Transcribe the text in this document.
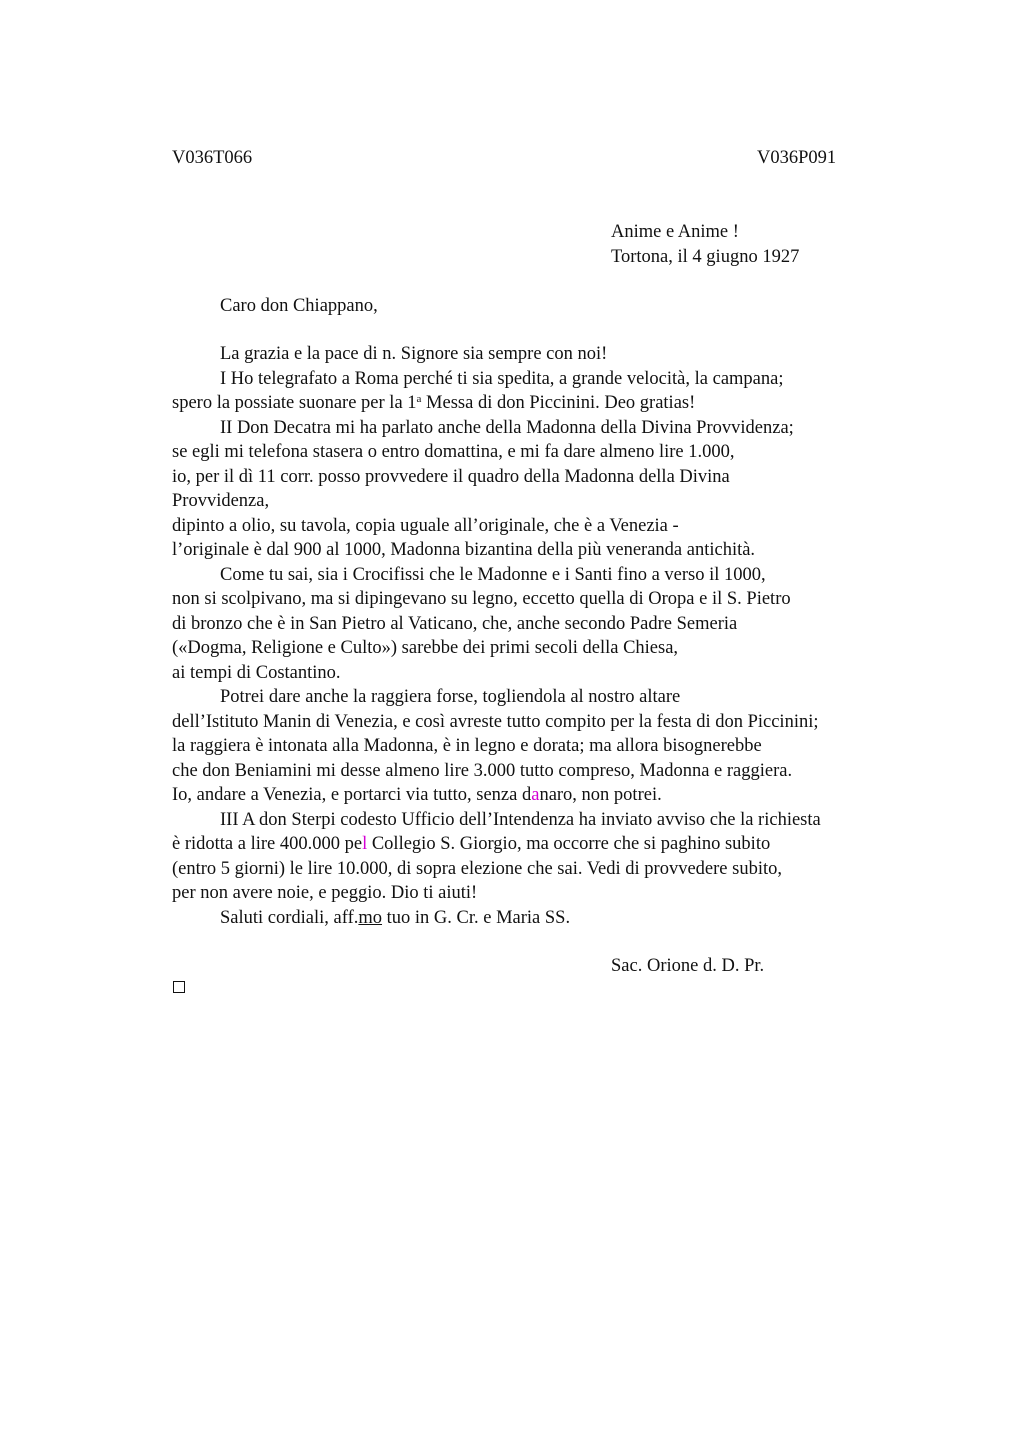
V036T066	V036P091
Anime e Anime !
Tortona, il 4 giugno 1927
Caro don Chiappano,
La grazia e la pace di n. Signore sia sempre con noi!
I Ho telegrafato a Roma perché ti sia spedita, a grande velocità, la campana;
spero la possiate suonare per la 1$^a$ Messa di don Piccinini. Deo gratias!
II Don Decatra mi ha parlato anche della Madonna della Divina Provvidenza;
se egli mi telefona stasera o entro domattina, e mi fa dare almeno lire 1.000,
io, per il dì 11 corr. posso provvedere il quadro della Madonna della Divina
Provvidenza,
dipinto a olio, su tavola, copia uguale all’originale, che è a Venezia -
l’originale è dal 900 al 1000, Madonna bizantina della più veneranda antichità.
Come tu sai, sia i Crocifissi che le Madonne e i Santi fino a verso il 1000,
non si scolpivano, ma si dipingevano su legno, eccetto quella di Oropa e il S. Pietro
di bronzo che è in San Pietro al Vaticano, che, anche secondo Padre Semeria
(«Dogma, Religione e Culto») sarebbe dei primi secoli della Chiesa,
ai tempi di Costantino.
Potrei dare anche la raggiera forse, togliendola al nostro altare
dell’Istituto Manin di Venezia, e così avreste tutto compito per la festa di don Piccinini;
la raggiera è intonata alla Madonna, è in legno e dorata; ma allora bisognerebbe
che don Beniamini mi desse almeno lire 3.000 tutto compreso, Madonna e raggiera.
Io, andare a Venezia, e portarci via tutto, senza danaro, non potrei.
III A don Sterpi codesto Ufficio dell’Intendenza ha inviato avviso che la richiesta
è ridotta a lire 400.000 pel Collegio S. Giorgio, ma occorre che si paghino subito
(entro 5 giorni) le lire 10.000, di sopra elezione che sai. Vedi di provvedere subito,
per non avere noie, e peggio. Dio ti aiuti!
Saluti cordiali, aff.mo tuo in G. Cr. e Maria SS.
Sac. Orione d. D. Pr.
